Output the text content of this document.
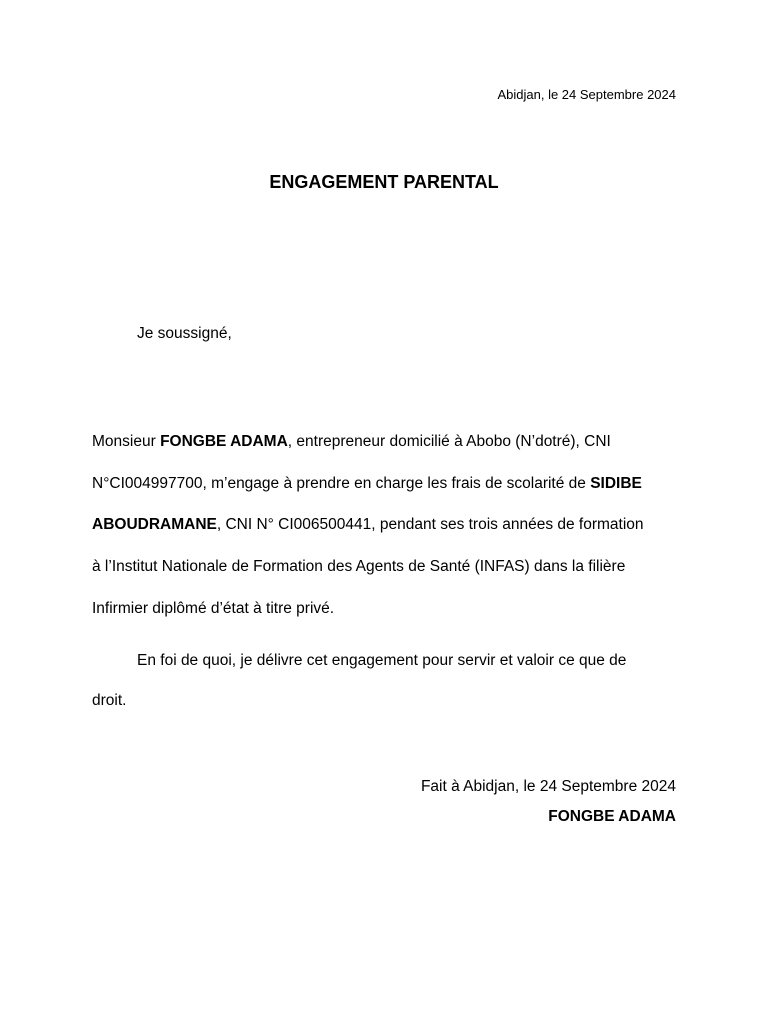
Abidjan, le 24 Septembre 2024
ENGAGEMENT PARENTAL
Je soussigné,
Monsieur FONGBE ADAMA, entrepreneur domicilié à Abobo (N’dotré), CNI
N°CI004997700, m’engage à prendre en charge les frais de scolarité de SIDIBE
ABOUDRAMANE, CNI N° CI006500441, pendant ses trois années de formation
à l’Institut Nationale de Formation des Agents de Santé (INFAS) dans la filière
Infirmier diplômé d’état à titre privé.
En foi de quoi, je délivre cet engagement pour servir et valoir ce que de
droit.
Fait à Abidjan, le 24 Septembre 2024
FONGBE ADAMA
